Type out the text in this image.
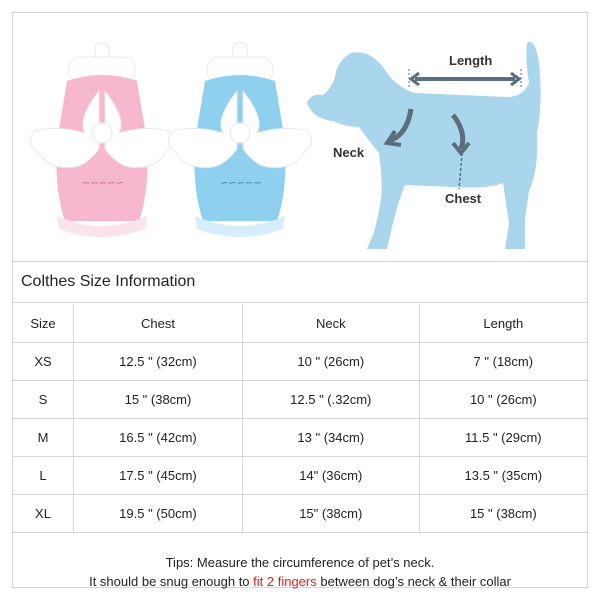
∽∽∽∽∽	∽∽∽∽∽
Length
Neck
Chest
Colthes Size Information
Size	Chest	Neck	Length
XS	12.5 " (32cm)	10 " (26cm)	7 " (18cm)
S	15 " (38cm)	12.5 " (.32cm)	10 " (26cm)
M	16.5 " (42cm)	13 " (34cm)	11.5 " (29cm)
L	17.5 " (45cm)	14" (36cm)	13.5 " (35cm)
XL	19.5 " (50cm)	15" (38cm)	15 " (38cm)
Tips: Measure the circumference of pet’s neck.
It should be snug enough to fit 2 fingers between dog’s neck & their collar
